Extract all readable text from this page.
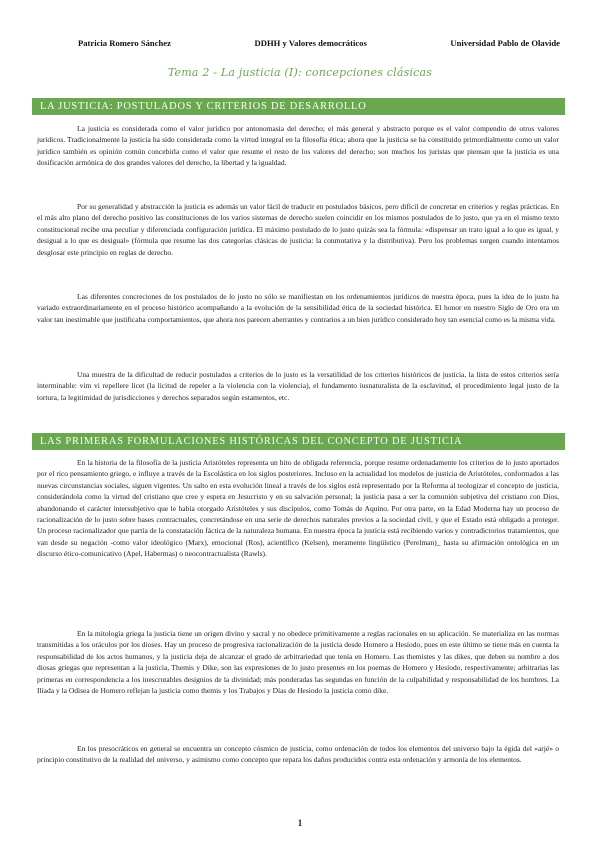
Patricia Romero Sánchez	DDHH y Valores democráticos	Universidad Pablo de Olavide
Tema 2 - La justicia (I): concepciones clásicas
LA JUSTICIA: POSTULADOS Y CRITERIOS DE DESARROLLO

La justicia es considerada como el valor jurídico por antonomasia del derecho; el más general y abstracto porque es el valor compendio de otros valores jurídicos. Tradicionalmente la justicia ha sido considerada como la virtud integral en la filosofía ética; ahora que la justicia se ha constituido primordialmente como un valor jurídico también es opinión común concebirla como el valor que resume el resto de los valores del derecho; son muchos los juristas que piensan que la justicia es una dosificación armónica de dos grandes valores del derecho, la libertad y la igualdad.

Por su generalidad y abstracción la justicia es además un valor fácil de traducir en postulados básicos, pero difícil de concretar en criterios y reglas prácticas. En el más alto plano del derecho positivo las constituciones de los varios sistemas de derecho suelen coincidir en los mismos postulados de lo justo, que ya en el mismo texto constitucional recibe una peculiar y diferenciada configuración jurídica. El máximo postulado de lo justo quizás sea la fórmula: «dispensar un trato igual a lo que es igual, y desigual a lo que es desigual» (fórmula que resume las dos categorías clásicas de justicia: la conmutativa y la distributiva). Pero los problemas surgen cuando intentamos desglosar este principio en reglas de derecho.

Las diferentes concreciones de los postulados de lo justo no sólo se manifiestan en los ordenamientos jurídicos de nuestra época, pues la idea de lo justo ha variado extraordinariamente en el proceso histórico acompañando a la evolución de la sensibilidad ética de la sociedad histórica. El honor en nuestro Siglo de Oro era un valor tan inestimable que justificaba comportamientos, que ahora nos parecen aberrantes y contrarios a un bien jurídico considerado hoy tan esencial como es la misma vida.

Una muestra de la dificultad de reducir postulados a criterios de lo justo es la versatilidad de los criterios históricos de justicia, la lista de estos criterios sería interminable: vim vi repellere licet (la licitud de repeler a la violencia con la violencia), el fundamento iusnaturalista de la esclavitud, el procedimiento legal justo de la tortura, la legitimidad de jurisdicciones y derechos separados según estamentos, etc.

LAS PRIMERAS FORMULACIONES HISTÓRICAS DEL CONCEPTO DE JUSTICIA

En la historia de la filosofía de la justicia Aristóteles representa un hito de obligada referencia, porque resume ordenadamente los criterios de lo justo aportados por el rico pensamiento griego, e influye a través de la Escolástica en los siglos posteriores. Incluso en la actualidad los modelos de justicia de Aristóteles, conformados a las nuevas circunstancias sociales, siguen vigentes. Un salto en esta evolución lineal a través de los siglos está representado por la Reforma al teologizar el concepto de justicia, considerándola como la virtud del cristiano que cree y espera en Jesucristo y en su salvación personal; la justicia pasa a ser la comunión subjetiva del cristiano con Dios, abandonando el carácter intersubjetivo que le había otorgado Aristóteles y sus discípulos, como Tomás de Aquino. Por otra parte, en la Edad Moderna hay un proceso de racionalización de lo justo sobre bases contractuales, concretándose en una serie de derechos naturales previos a la sociedad civil, y que el Estado está obligado a proteger. Un proceso racionalizador que partía de la constatación fáctica de la naturaleza humana. En nuestra época la justicia está recibiendo varios y contradictorios tratamientos, que van desde su negación -como valor ideológico (Marx), emocional (Ros), acientífico (Kelsen), meramente lingüístico (Perelman)_ hasta su afirmación ontológica en un discurso ético-comunicativo (Apel, Habermas) o neocontractualista (Rawls).

En la mitología griega la justicia tiene un origen divino y sacral y no obedece primitivamente a reglas racionales en su aplicación. Se materializa en las normas transmitidas a los oráculos por los dioses. Hay un proceso de progresiva racionalización de la justicia desde Homero a Hesíodo, pues en este último se tiene más en cuenta la responsabilidad de los actos humanos, y la justicia deja de alcanzar el grado de arbitrariedad que tenía en Homero. Las themistes y las dikes, que deben su nombre a dos diosas griegas que representan a la justicia, Themis y Dike, son las expresiones de lo justo presentes en los poemas de Homero y Hesíodo, respectivamente; arbitrarias las primeras en correspondencia a los inescrutables designios de la divinidad; más ponderadas las segundas en función de la culpabilidad y responsabilidad de los hombres. La Ilíada y la Odisea de Homero reflejan la justicia como themis y los Trabajos y Días de Hesiodo la justicia como dike.

En los presocráticos en general se encuentra un concepto cósmico de justicia, como ordenación de todos los elementos del universo bajo la égida del «arjé» o principio constitutivo de la realidad del universo, y asimismo como concepto que repara los daños producidos contra esta ordenación y armonía de los elementos.

1
